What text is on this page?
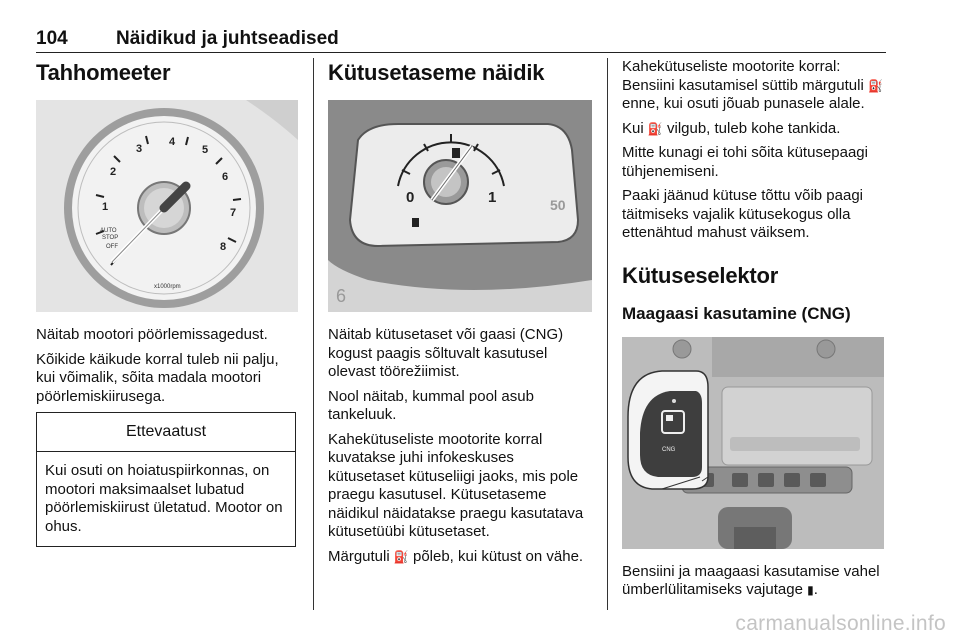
104	Näidikud ja juhtseadised
Tahhomeeter
1
2
3
4
5
6
7
8
AUTO
STOP
OFF
x1000rpm

Näitab mootori pöörlemissagedust.

Kõikide käikude korral tuleb nii palju, kui võimalik, sõita madala mootori pöörlemiskiirusega.

Ettevaatust

Kui osuti on hoiatuspiirkonnas, on mootori maksimaalset lubatud pöörlemiskiirust ületatud. Mootor on ohus.

Kütusetaseme näidik
0	1	50
6

Näitab kütusetaset või gaasi (CNG) kogust paagis sõltuvalt kasutusel olevast töörežiimist.

Nool näitab, kummal pool asub tankeluuk.

Kahekütuseliste mootorite korral kuvatakse juhi infokeskuses kütusetaset kütuseliigi jaoks, mis pole praegu kasutusel. Kütusetaseme näidikul näidatakse praegu kasutatava kütusetüübi kütusetaset.

Märgutuli ⛽ põleb, kui kütust on vähe.

Kahekütuseliste mootorite korral: Bensiini kasutamisel süttib märgutuli ⛽ enne, kui osuti jõuab punasele alale.

Kui ⛽ vilgub, tuleb kohe tankida.

Mitte kunagi ei tohi sõita kütusepaagi tühjenemiseni.

Paaki jäänud kütuse tõttu võib paagi täitmiseks vajalik kütusekogus olla ettenähtud mahust väiksem.

Kütuseselektor
Maagaasi kasutamine (CNG)
CNG

Bensiini ja maagaasi kasutamise vahel ümberlülitamiseks vajutage ▮.

carmanualsonline.info
